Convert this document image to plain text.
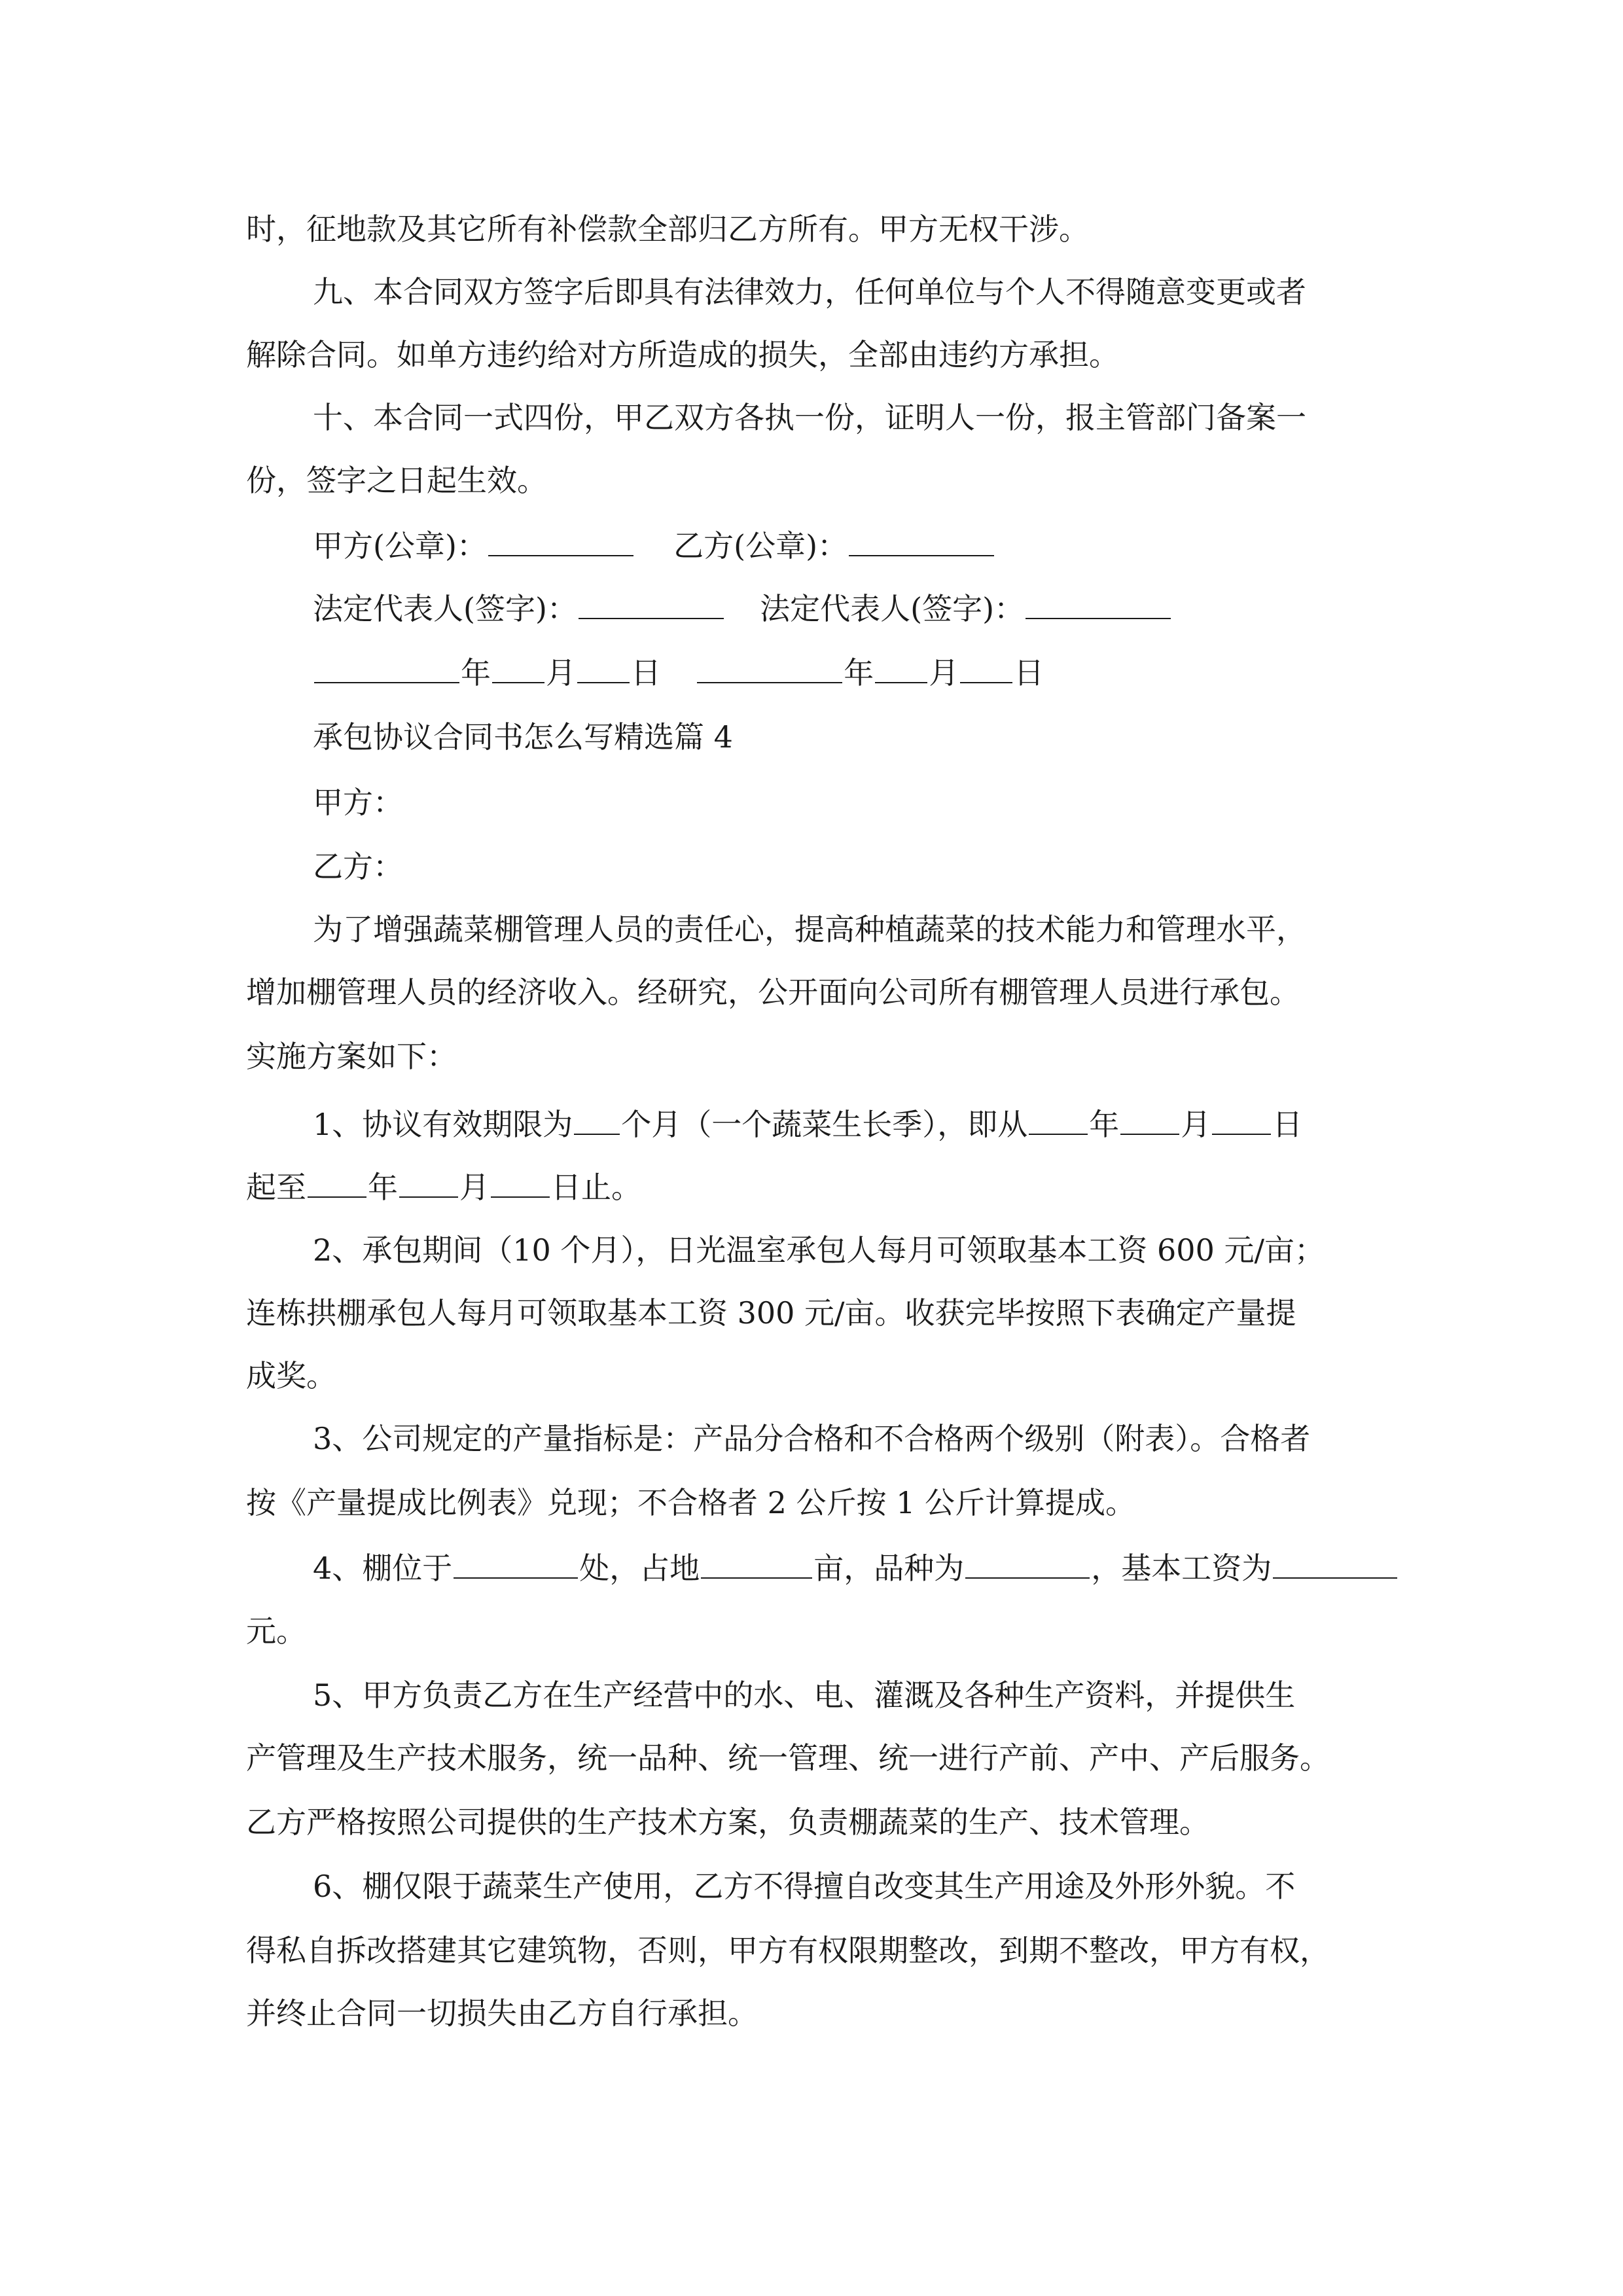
时，征地款及其它所有补偿款全部归乙方所有。甲方无权干涉。
九、本合同双方签字后即具有法律效力，任何单位与个人不得随意变更或者
解除合同。如单方违约给对方所造成的损失，全部由违约方承担。
十、本合同一式四份，甲乙双方各执一份，证明人一份，报主管部门备案一
份，签字之日起生效。
甲方(公章)：	乙方(公章)：
法定代表人(签字)：	法定代表人(签字)：
年 月 日	年 月 日
承包协议合同书怎么写精选篇 4
甲方：
乙方：
为了增强蔬菜棚管理人员的责任心，提高种植蔬菜的技术能力和管理水平，
增加棚管理人员的经济收入。经研究，公开面向公司所有棚管理人员进行承包。
实施方案如下：
1、协议有效期限为 个月（一个蔬菜生长季），即从 年 月 日
起至 年 月 日止。
2、承包期间（10 个月），日光温室承包人每月可领取基本工资 600 元/亩；
连栋拱棚承包人每月可领取基本工资 300 元/亩。收获完毕按照下表确定产量提
成奖。
3、公司规定的产量指标是：产品分合格和不合格两个级别（附表）。合格者
按《产量提成比例表》兑现；不合格者 2 公斤按 1 公斤计算提成。
4、棚位于	处，占地	亩，品种为	，基本工资为
元。
5、甲方负责乙方在生产经营中的水、电、灌溉及各种生产资料，并提供生
产管理及生产技术服务，统一品种、统一管理、统一进行产前、产中、产后服务。
乙方严格按照公司提供的生产技术方案，负责棚蔬菜的生产、技术管理。
6、棚仅限于蔬菜生产使用，乙方不得擅自改变其生产用途及外形外貌。不
得私自拆改搭建其它建筑物，否则，甲方有权限期整改，到期不整改，甲方有权，
并终止合同一切损失由乙方自行承担。
